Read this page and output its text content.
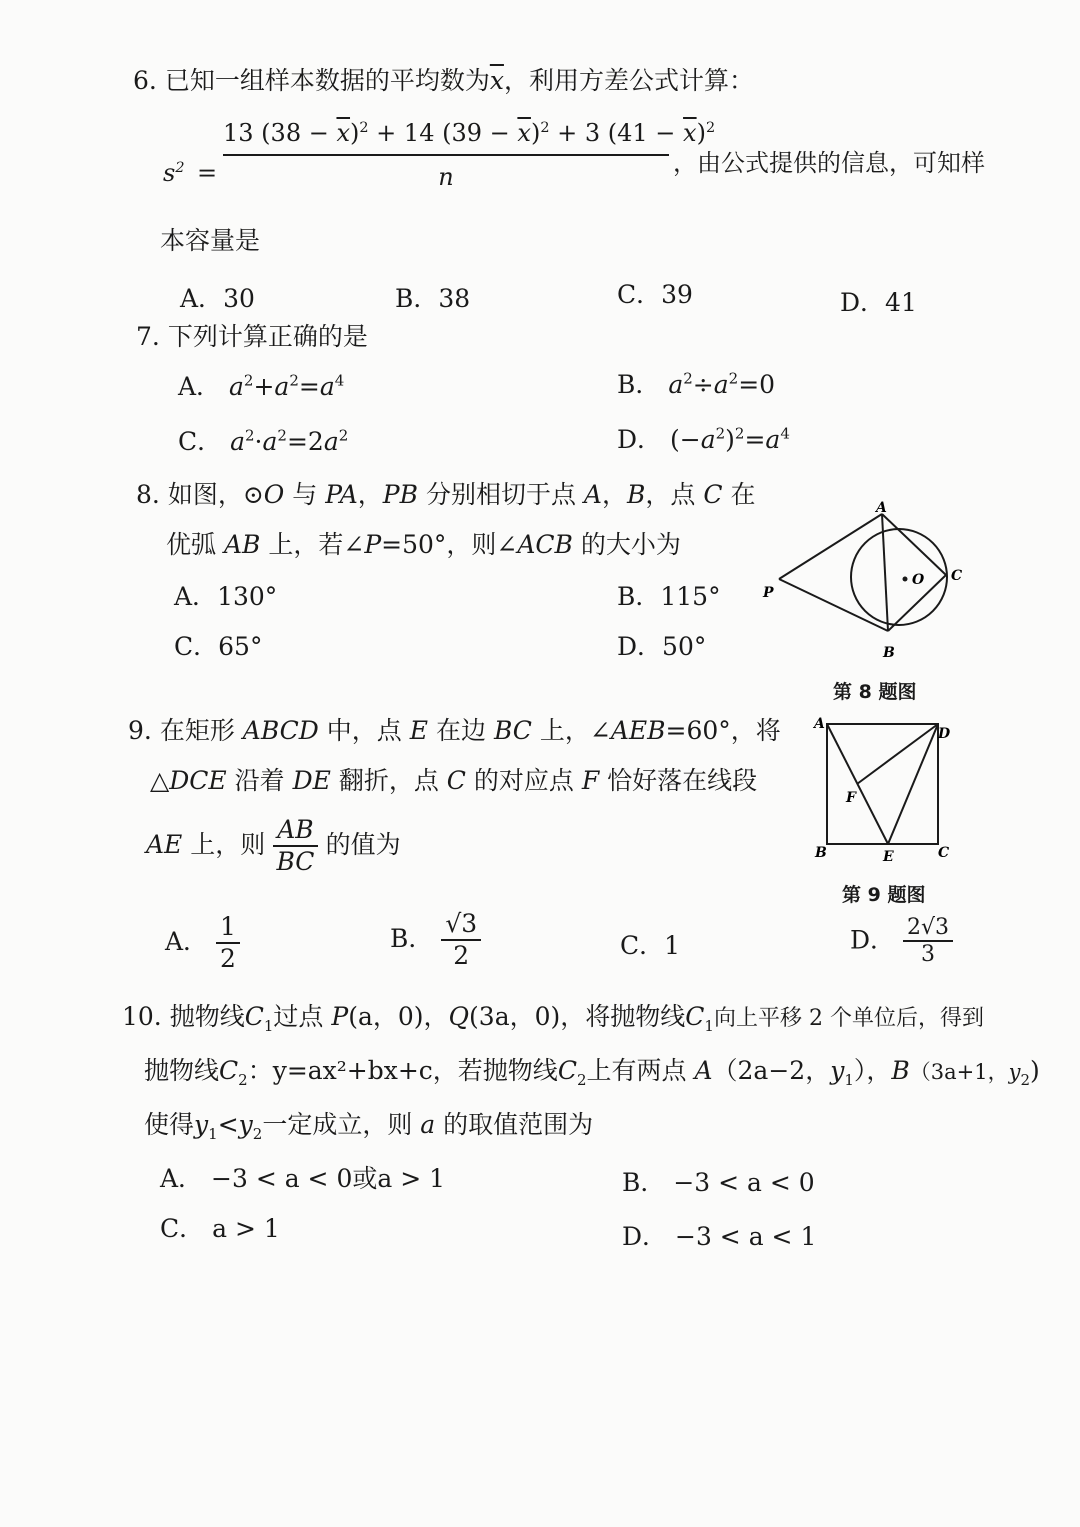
6. 已知一组样本数据的平均数为$\overline{x}$，利用方差公式计算：
$s^2 = \frac{13 (38 - \overline{x})^2 + 14 (39 - \overline{x})^2 + 3 (41 - \overline{x})^2}{n}$ ，由公式提供的信息，可知样
本容量是
A．30	B．38	C．39	D．41
7. 下列计算正确的是
A． $a^2+a^2=a^4$	B． $a^2\div a^2=0$
C． $a^2\cdot a^2=2a^2$	D． $(-a^2)^2=a^4$
8. 如图，⊙O 与 PA，PB 分别相切于点 A，B，点 C 在
优弧 AB 上，若∠P=50°，则∠ACB 的大小为
A．130°	B．115°
C．65°	D．50°
A
B
C
P
O
第 8 题图
9. 在矩形 ABCD 中，点 E 在边 BC 上，∠AEB=60°，将
△DCE 沿着 DE 翻折，点 C 的对应点 F 恰好落在线段
AE 上，则 $\frac{AB}{BC}$ 的值为
A． $\frac{1}{2}$	B． $\frac{√3}{2}$	C．1	D． $\frac{2√3}{3}$
A
D
F
B	E	C
第 9 题图
10. 抛物线$C_1$过点 P(a，0)，Q(3a，0)，将抛物线$C_1$向上平移 2 个单位后，得到
抛物线$C_2$：y=ax²+bx+c，若抛物线$C_2$上有两点 A（2a−2，$y_1$），B（3a+1，$y_2$)
使得$y_1<y_2$一定成立，则 a 的取值范围为
A． −3 < a < 0或a > 1	B． −3 < a < 0
C． a > 1	D． −3 < a < 1
